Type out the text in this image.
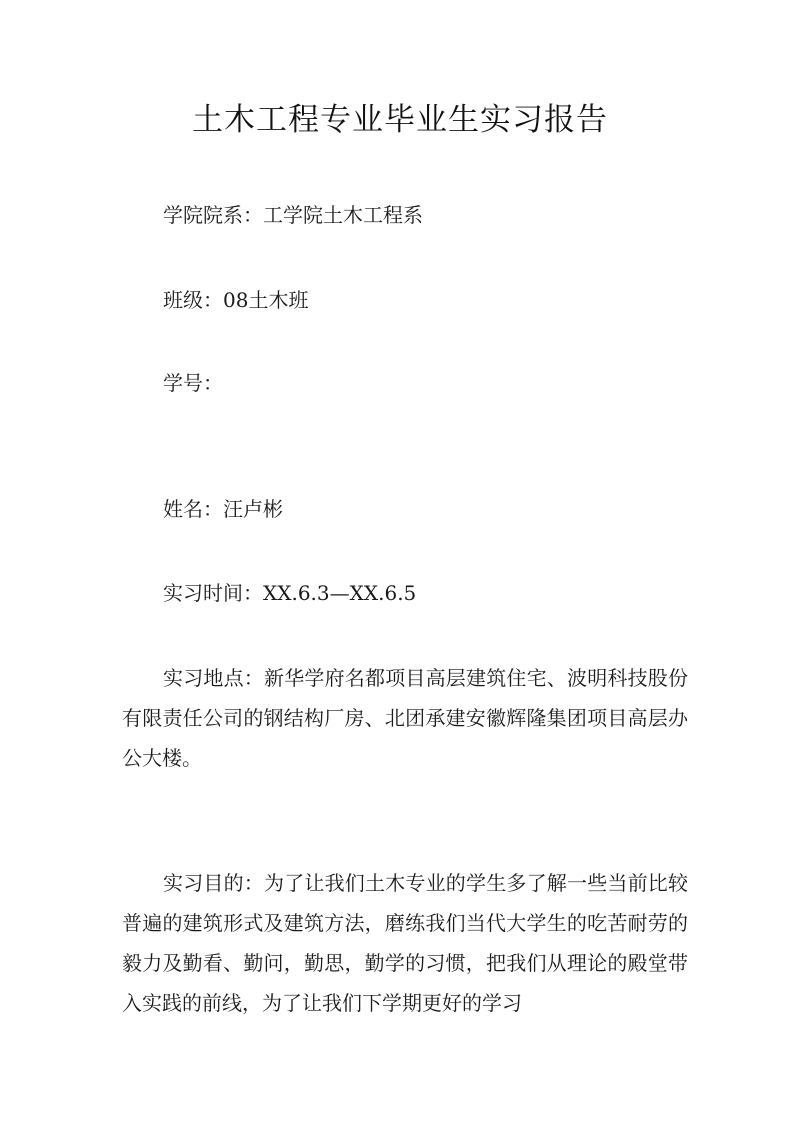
土木工程专业毕业生实习报告
学院院系：工学院土木工程系
班级：08土木班
学号：
姓名：汪卢彬
实习时间：XX.6.3—XX.6.5
实习地点：新华学府名都项目高层建筑住宅、波明科技股份有限责任公司的钢结构厂房、北团承建安徽辉隆集团项目高层办公大楼。
实习目的：为了让我们土木专业的学生多了解一些当前比较普遍的建筑形式及建筑方法，磨练我们当代大学生的吃苦耐劳的毅力及勤看、勤问，勤思，勤学的习惯，把我们从理论的殿堂带入实践的前线，为了让我们下学期更好的学习
